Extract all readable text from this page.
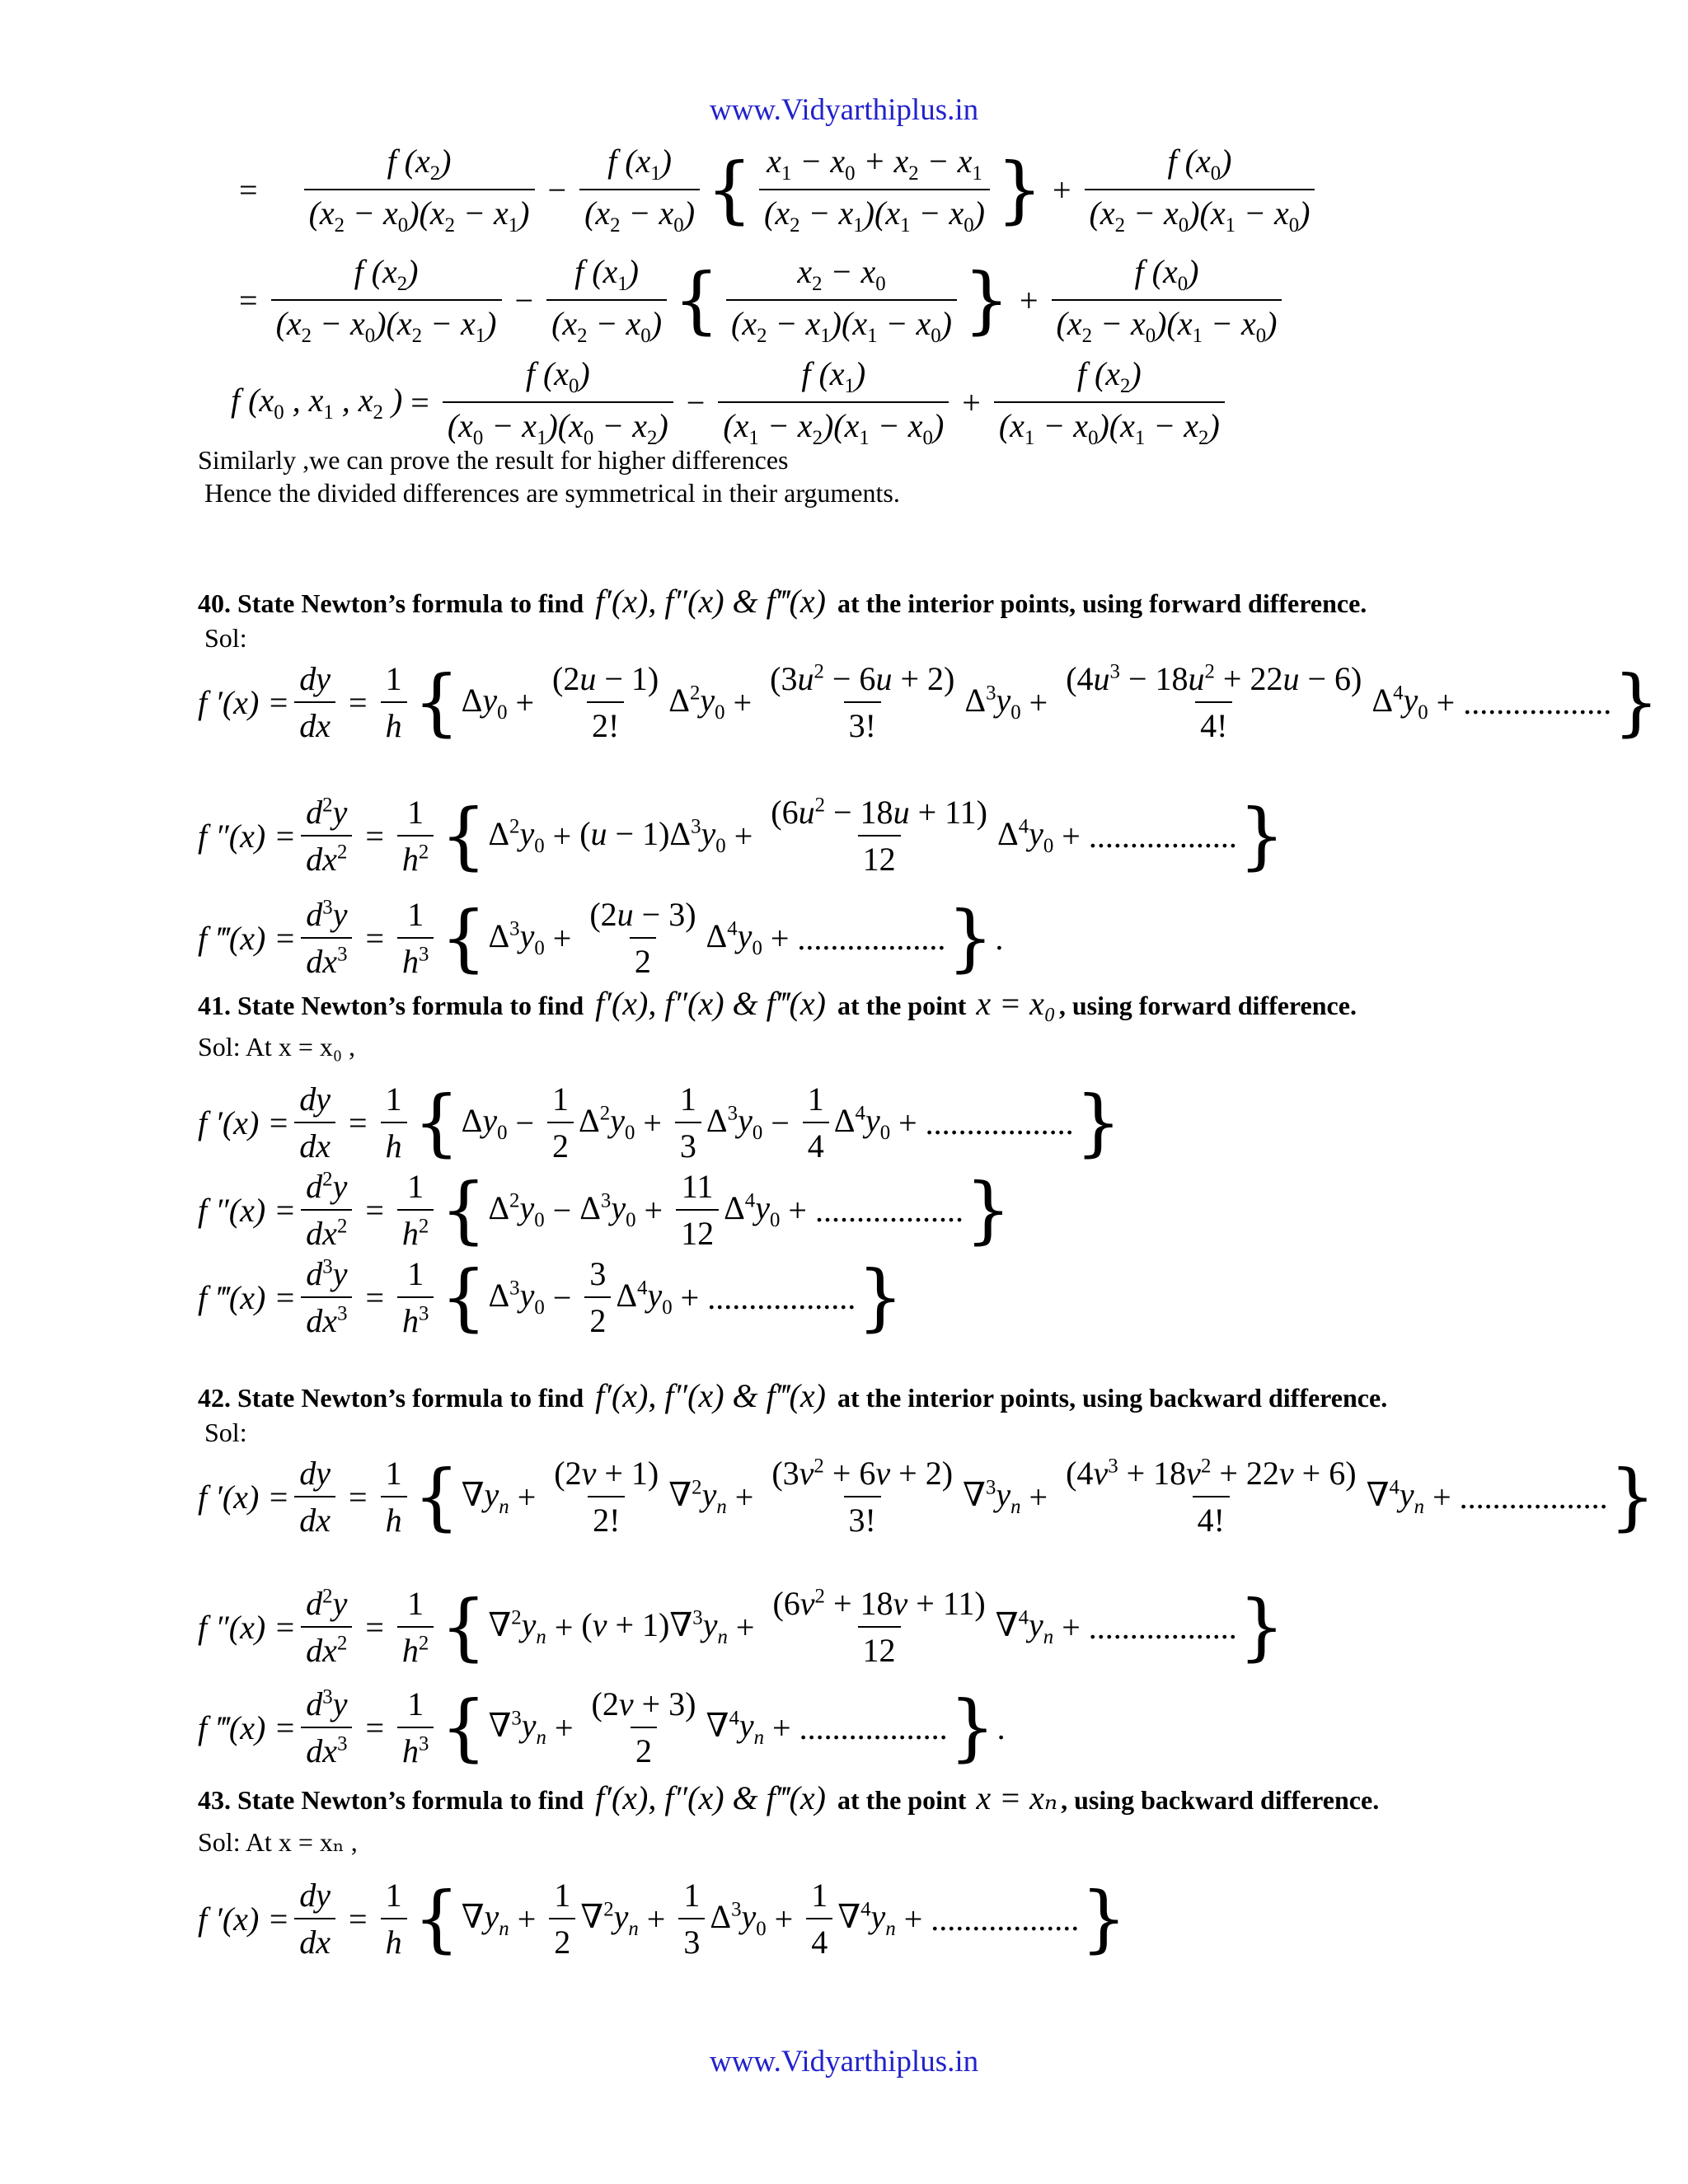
www.Vidyarthiplus.in
= $\frac{f (x_2)}{(x_2 - x_0)(x_2 - x_1)} - \frac{f (x_1)}{(x_2 - x_0)}$ { $\frac{x_1 - x_0 + x_2 - x_1}{(x_2 - x_1)(x_1 - x_0)}$ } + $\frac{f (x_0)}{(x_2 - x_0)(x_1 - x_0)}$
= $\frac{f (x_2)}{(x_2 - x_0)(x_2 - x_1)} - \frac{f (x_1)}{(x_2 - x_0)}$ { $\frac{x_2 - x_0}{(x_2 - x_1)(x_1 - x_0)}$ } + $\frac{f (x_0)}{(x_2 - x_0)(x_1 - x_0)}$
f ($x_0$ , $x_1$ , $x_2$ ) = $\frac{f (x_0)}{(x_0 - x_1)(x_0 - x_2)} - \frac{f (x_1)}{(x_1 - x_2)(x_1 - x_0)} + \frac{f (x_2)}{(x_1 - x_0)(x_1 - x_2)}$
Similarly ,we can prove the result for higher differences
Hence the divided differences are symmetrical in their arguments.
40. State Newton’s formula to find f′(x), f″(x) & f‴(x) at the interior points, using forward difference.
Sol:
f $'(x) = \frac{dy}{dx} = \frac{1}{h}$ { $\Delta y_0 + \frac{(2u - 1)}{2!} \Delta^2y_0 + \frac{(3u^2 - 6u + 2)}{3!} \Delta^3y_0 + \frac{(4u^3 - 18u^2 + 22u - 6)}{4!} \Delta^4y_0$ + .................. }
f $''(x) = \frac{d^2y}{dx^2} = \frac{1}{h^2}$ { $\Delta^2y_0 + (u - 1)\Delta^3y_0 + \frac{(6u^2 - 18u + 11)}{12} \Delta^4y_0$ + .................. }
f ‴(x) = $\frac{d^3y}{dx^3} = \frac{1}{h^3}$ { $\Delta^3y_0 + \frac{(2u - 3)}{2} \Delta^4y_0$ + .................. } .
41. State Newton’s formula to find f′(x), f″(x) & f‴(x) at the point x = x₀ , using forward difference.
Sol: At x = x₀ ,
f $'(x) = \frac{dy}{dx} = \frac{1}{h}$ { $\Delta y_0 - \frac{1}{2} \Delta^2y_0 + \frac{1}{3} \Delta^3y_0 - \frac{1}{4} \Delta^4y_0$ + .................. }
f $''(x) = \frac{d^2y}{dx^2} = \frac{1}{h^2}$ { $\Delta^2y_0 - \Delta^3y_0 + \frac{11}{12} \Delta^4y_0$ + .................. }
f ‴(x) = $\frac{d^3y}{dx^3} = \frac{1}{h^3}$ { $\Delta^3y_0 - \frac{3}{2} \Delta^4y_0$ + .................. }
42. State Newton’s formula to find f′(x), f″(x) & f‴(x) at the interior points, using backward difference.
Sol:
f $'(x) = \frac{dy}{dx} = \frac{1}{h}$ { $\nabla y_n + \frac{(2v + 1)}{2!} \nabla^2y_n + \frac{(3v^2 + 6v + 2)}{3!} \nabla^3y_n + \frac{(4v^3 + 18v^2 + 22v + 6)}{4!} \nabla^4y_n$ + .................. }
f $''(x) = \frac{d^2y}{dx^2} = \frac{1}{h^2}$ { $\nabla^2y_n + (v + 1)\nabla^3y_n + \frac{(6v^2 + 18v + 11)}{12} \nabla^4y_n$ + .................. }
f ‴(x) = $\frac{d^3y}{dx^3} = \frac{1}{h^3}$ { $\nabla^3y_n + \frac{(2v + 3)}{2} \nabla^4y_n$ + .................. } .
43. State Newton’s formula to find f′(x), f″(x) & f‴(x) at the point x = xₙ , using backward difference.
Sol: At x = xₙ ,
f $'(x) = \frac{dy}{dx} = \frac{1}{h}$ { $\nabla y_n + \frac{1}{2} \nabla^2y_n + \frac{1}{3} \Delta^3y_0 + \frac{1}{4} \nabla^4y_n$ + .................. }
www.Vidyarthiplus.in
